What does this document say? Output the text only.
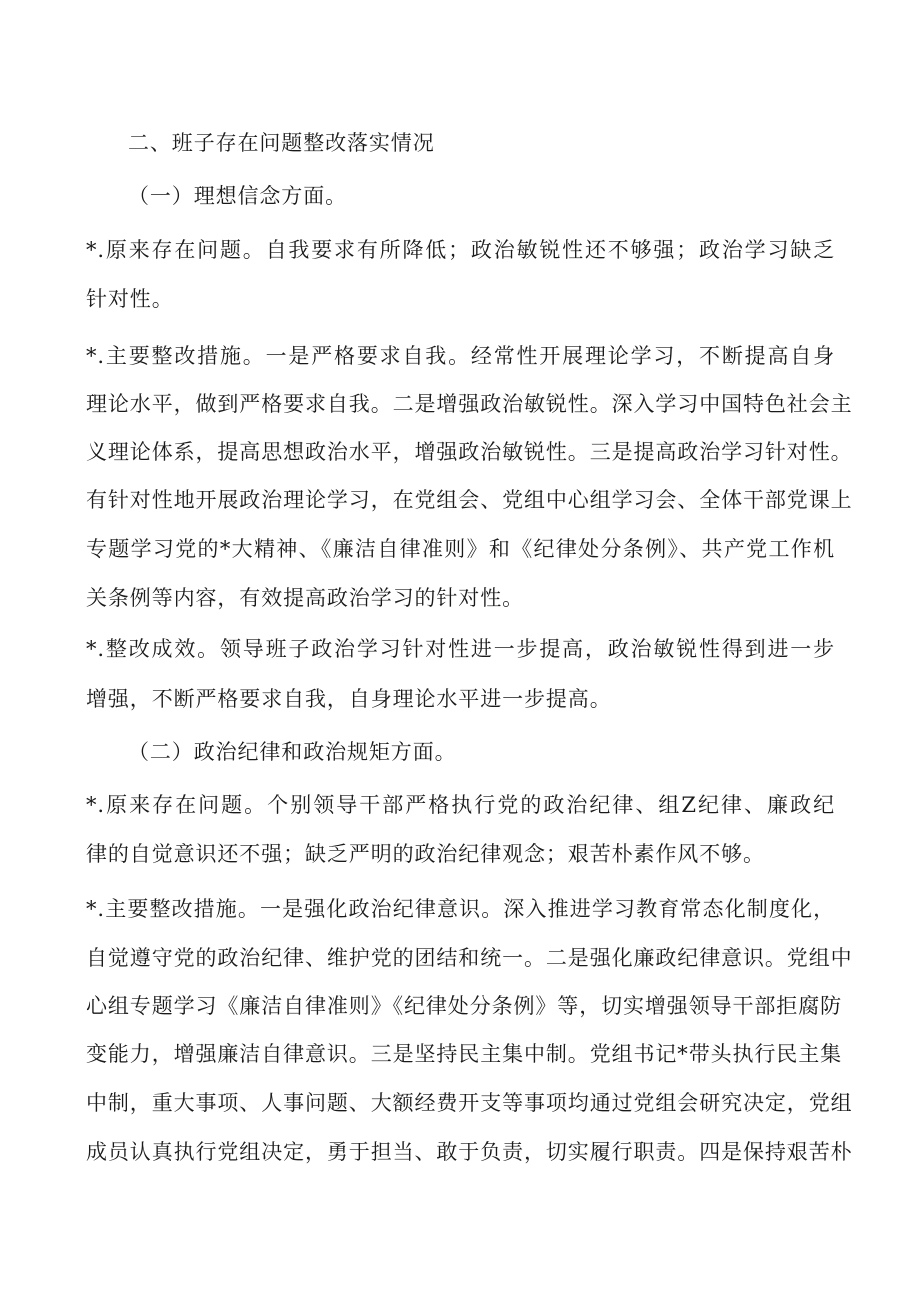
二、班子存在问题整改落实情况
（一）理想信念方面。
*.原来存在问题。自我要求有所降低；政治敏锐性还不够强；政治学习缺乏
针对性。
*.主要整改措施。一是严格要求自我。经常性开展理论学习，不断提高自身
理论水平，做到严格要求自我。二是增强政治敏锐性。深入学习中国特色社会主
义理论体系，提高思想政治水平，增强政治敏锐性。三是提高政治学习针对性。
有针对性地开展政治理论学习，在党组会、党组中心组学习会、全体干部党课上
专题学习党的*大精神、《廉洁自律准则》和《纪律处分条例》、共产党工作机
关条例等内容，有效提高政治学习的针对性。
*.整改成效。领导班子政治学习针对性进一步提高，政治敏锐性得到进一步
增强，不断严格要求自我，自身理论水平进一步提高。
（二）政治纪律和政治规矩方面。
*.原来存在问题。个别领导干部严格执行党的政治纪律、组Z纪律、廉政纪
律的自觉意识还不强；缺乏严明的政治纪律观念；艰苦朴素作风不够。
*.主要整改措施。一是强化政治纪律意识。深入推进学习教育常态化制度化，
自觉遵守党的政治纪律、维护党的团结和统一。二是强化廉政纪律意识。党组中
心组专题学习《廉洁自律准则》《纪律处分条例》等，切实增强领导干部拒腐防
变能力，增强廉洁自律意识。三是坚持民主集中制。党组书记*带头执行民主集
中制，重大事项、人事问题、大额经费开支等事项均通过党组会研究决定，党组
成员认真执行党组决定，勇于担当、敢于负责，切实履行职责。四是保持艰苦朴
